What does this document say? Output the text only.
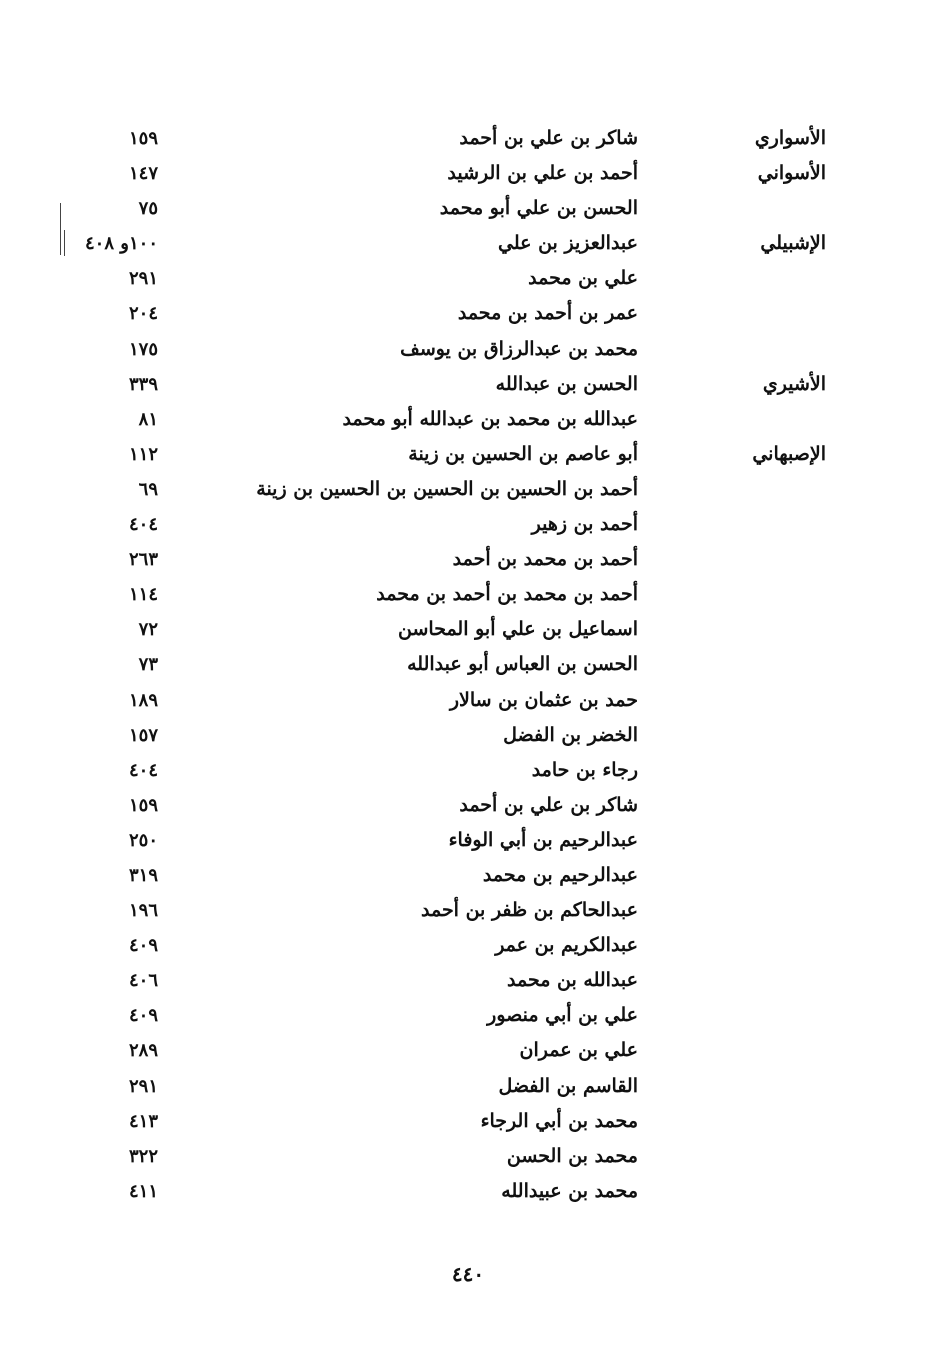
الأسواري
شاكر بن علي بن أحمد
١٥٩
الأسواني
أحمد بن علي بن الرشيد
١٤٧
الحسن بن علي أبو محمد
٧٥
الإشبيلي
عبدالعزيز بن علي
١٠٠و ٤٠٨
علي بن محمد
٢٩١
عمر بن أحمد بن محمد
٢٠٤
محمد بن عبدالرزاق بن يوسف
١٧٥
الأشيري
الحسن بن عبدالله
٣٣٩
عبدالله بن محمد بن عبدالله أبو محمد
٨١
الإصبهاني
أبو عاصم بن الحسين بن زينة
١١٢
أحمد بن الحسين بن الحسين بن الحسين بن زينة
٦٩
أحمد بن زهير
٤٠٤
أحمد بن محمد بن أحمد
٢٦٣
أحمد بن محمد بن أحمد بن محمد
١١٤
اسماعيل بن علي أبو المحاسن
٧٢
الحسن بن العباس أبو عبدالله
٧٣
حمد بن عثمان بن سالار
١٨٩
الخضر بن الفضل
١٥٧
رجاء بن حامد
٤٠٤
شاكر بن علي بن أحمد
١٥٩
عبدالرحيم بن أبي الوفاء
٢٥٠
عبدالرحيم بن محمد
٣١٩
عبدالحاكم بن ظفر بن أحمد
١٩٦
عبدالكريم بن عمر
٤٠٩
عبدالله بن محمد
٤٠٦
علي بن أبي منصور
٤٠٩
علي بن عمران
٢٨٩
القاسم بن الفضل
٢٩١
محمد بن أبي الرجاء
٤١٣
محمد بن الحسن
٣٢٢
محمد بن عبيدالله
٤١١
٤٤٠
